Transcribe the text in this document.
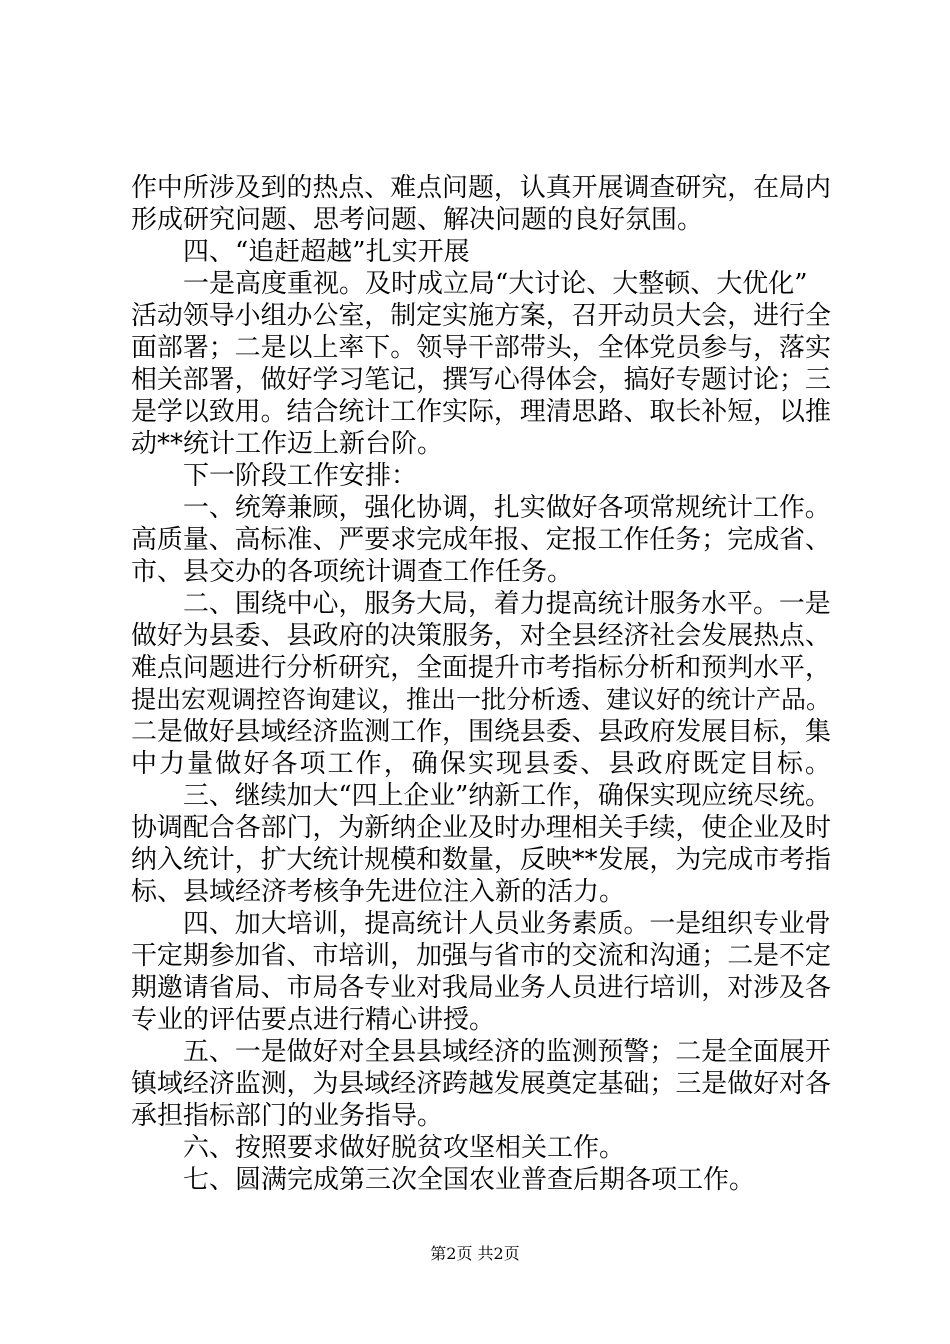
作中所涉及到的热点、难点问题，认真开展调查研究，在局内
形成研究问题、思考问题、解决问题的良好氛围。
四、“追赶超越”扎实开展
一是高度重视。及时成立局“大讨论、大整顿、大优化”
活动领导小组办公室，制定实施方案，召开动员大会，进行全
面部署；二是以上率下。领导干部带头，全体党员参与，落实
相关部署，做好学习笔记，撰写心得体会，搞好专题讨论；三
是学以致用。结合统计工作实际，理清思路、取长补短，以推
动**统计工作迈上新台阶。
下一阶段工作安排：
一、统筹兼顾，强化协调，扎实做好各项常规统计工作。
高质量、高标准、严要求完成年报、定报工作任务；完成省、
市、县交办的各项统计调查工作任务。
二、围绕中心，服务大局，着力提高统计服务水平。一是
做好为县委、县政府的决策服务，对全县经济社会发展热点、
难点问题进行分析研究，全面提升市考指标分析和预判水平，
提出宏观调控咨询建议，推出一批分析透、建议好的统计产品。
二是做好县域经济监测工作，围绕县委、县政府发展目标，集
中力量做好各项工作，确保实现县委、县政府既定目标。
三、继续加大“四上企业”纳新工作，确保实现应统尽统。
协调配合各部门，为新纳企业及时办理相关手续，使企业及时
纳入统计，扩大统计规模和数量，反映**发展，为完成市考指
标、县域经济考核争先进位注入新的活力。
四、加大培训，提高统计人员业务素质。一是组织专业骨
干定期参加省、市培训，加强与省市的交流和沟通；二是不定
期邀请省局、市局各专业对我局业务人员进行培训，对涉及各
专业的评估要点进行精心讲授。
五、一是做好对全县县域经济的监测预警；二是全面展开
镇域经济监测，为县域经济跨越发展奠定基础；三是做好对各
承担指标部门的业务指导。
六、按照要求做好脱贫攻坚相关工作。
七、圆满完成第三次全国农业普查后期各项工作。
第2页 共2页
